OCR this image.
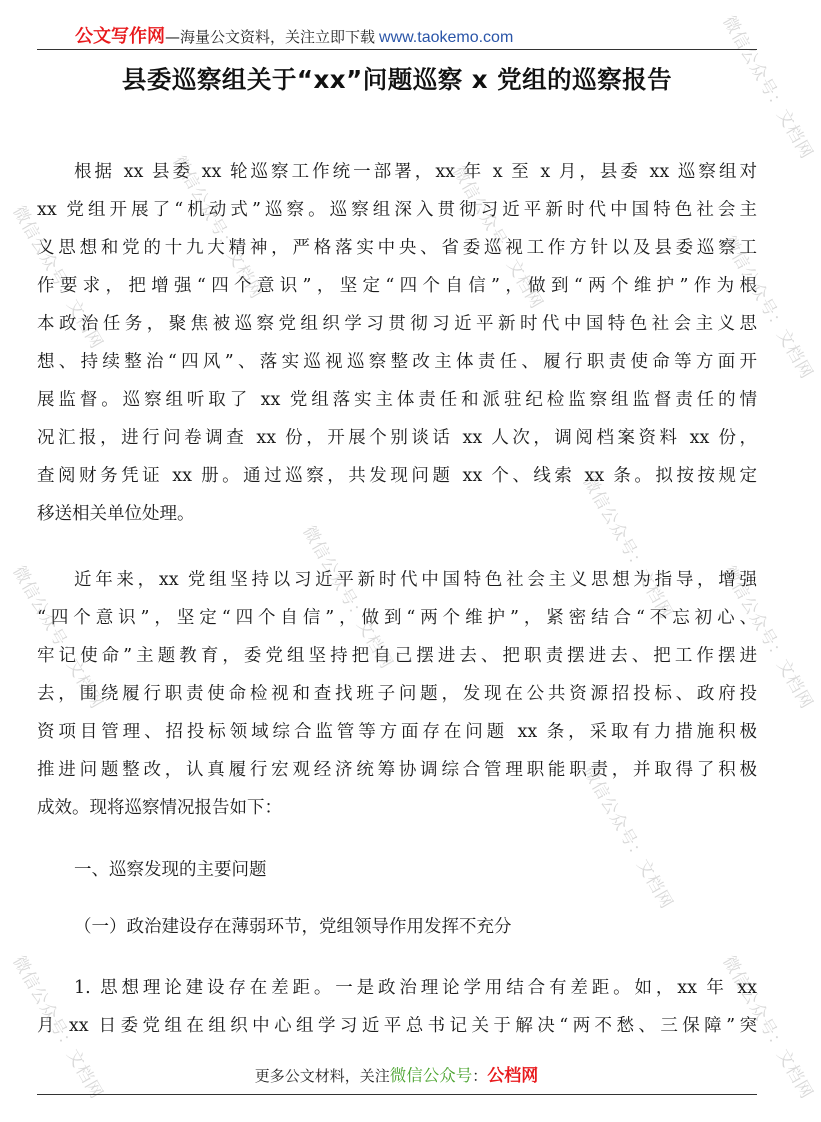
微信公众号：文档网	微信公众号：文档网
微信公众号：文档网
微信公众号：文档网
微信公众号：文档网
微信公众号：文档网	微信公众号：文档网	微信公众号：文档网
微信公众号：文档网
微信公众号：文档网
微信公众号：文档网	微信公众号：文档网
公文写作网 —海量公文资料，关注立即下载 www.taokemo.com
县委巡察组关于“xx”问题巡察 x 党组的巡察报告
根据 xx 县委 xx 轮巡察工作统一部署，xx 年 x 至 x 月，县委 xx 巡察组对
xx 党组开展了“机动式”巡察。巡察组深入贯彻习近平新时代中国特色社会主
义思想和党的十九大精神，严格落实中央、省委巡视工作方针以及县委巡察工
作要求，把增强“四个意识”，坚定“四个自信”，做到“两个维护”作为根
本政治任务，聚焦被巡察党组织学习贯彻习近平新时代中国特色社会主义思
想、持续整治“四风”、落实巡视巡察整改主体责任、履行职责使命等方面开
展监督。巡察组听取了 xx 党组落实主体责任和派驻纪检监察组监督责任的情
况汇报，进行问卷调查 xx 份，开展个别谈话 xx 人次，调阅档案资料 xx 份，
查阅财务凭证 xx 册。通过巡察，共发现问题 xx 个、线索 xx 条。拟按按规定
移送相关单位处理。
近年来，xx 党组坚持以习近平新时代中国特色社会主义思想为指导，增强
“四个意识”，坚定“四个自信”，做到“两个维护”，紧密结合“不忘初心、
牢记使命”主题教育，委党组坚持把自己摆进去、把职责摆进去、把工作摆进
去，围绕履行职责使命检视和查找班子问题，发现在公共资源招投标、政府投
资项目管理、招投标领域综合监管等方面存在问题 xx 条，采取有力措施积极
推进问题整改，认真履行宏观经济统筹协调综合管理职能职责，并取得了积极
成效。现将巡察情况报告如下：
一、巡察发现的主要问题
（一）政治建设存在薄弱环节，党组领导作用发挥不充分
1. 思想理论建设存在差距。一是政治理论学用结合有差距。如，xx 年 xx
月 xx 日委党组在组织中心组学习近平总书记关于解决“两不愁、三保障”突
更多公文材料，关注微信公众号：公档网
